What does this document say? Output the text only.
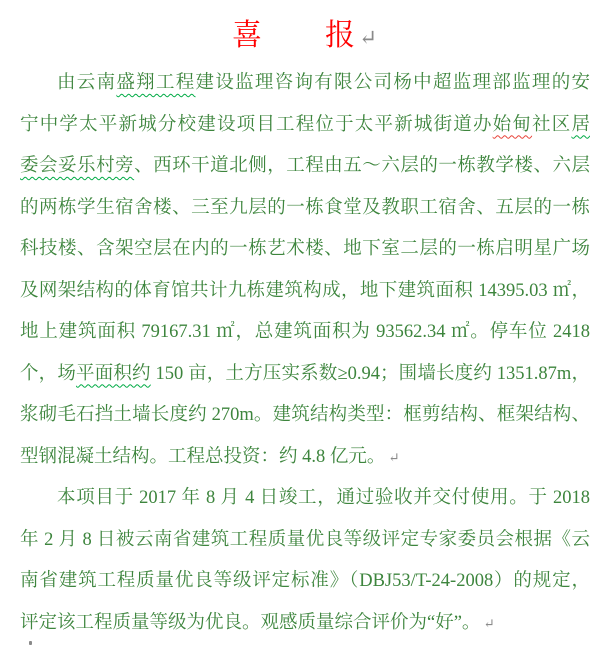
喜　　报 ↵
由云南盛翔工程建设监理咨询有限公司杨中超监理部监理的安
宁中学太平新城分校建设项目工程位于太平新城街道办始甸社区居
委会妥乐村旁、西环干道北侧，工程由五～六层的一栋教学楼、六层
的两栋学生宿舍楼、三至九层的一栋食堂及教职工宿舍、五层的一栋
科技楼、含架空层在内的一栋艺术楼、地下室二层的一栋启明星广场
及网架结构的体育馆共计九栋建筑构成，地下建筑面积 14395.03 ㎡，
地上建筑面积 79167.31 ㎡，总建筑面积为 93562.34 ㎡。停车位 2418
个，场平面积约 150 亩，土方压实系数≥0.94；围墙长度约 1351.87m，
浆砌毛石挡土墙长度约 270m。建筑结构类型：框剪结构、框架结构、
型钢混凝土结构。工程总投资：约 4.8 亿元。 ↵
本项目于 2017 年 8 月 4 日竣工，通过验收并交付使用。于 2018
年 2 月 8 日被云南省建筑工程质量优良等级评定专家委员会根据《云
南省建筑工程质量优良等级评定标准》（DBJ53/T-24-2008）的规定，
评定该工程质量等级为优良。观感质量综合评价为“好”。 ↵
